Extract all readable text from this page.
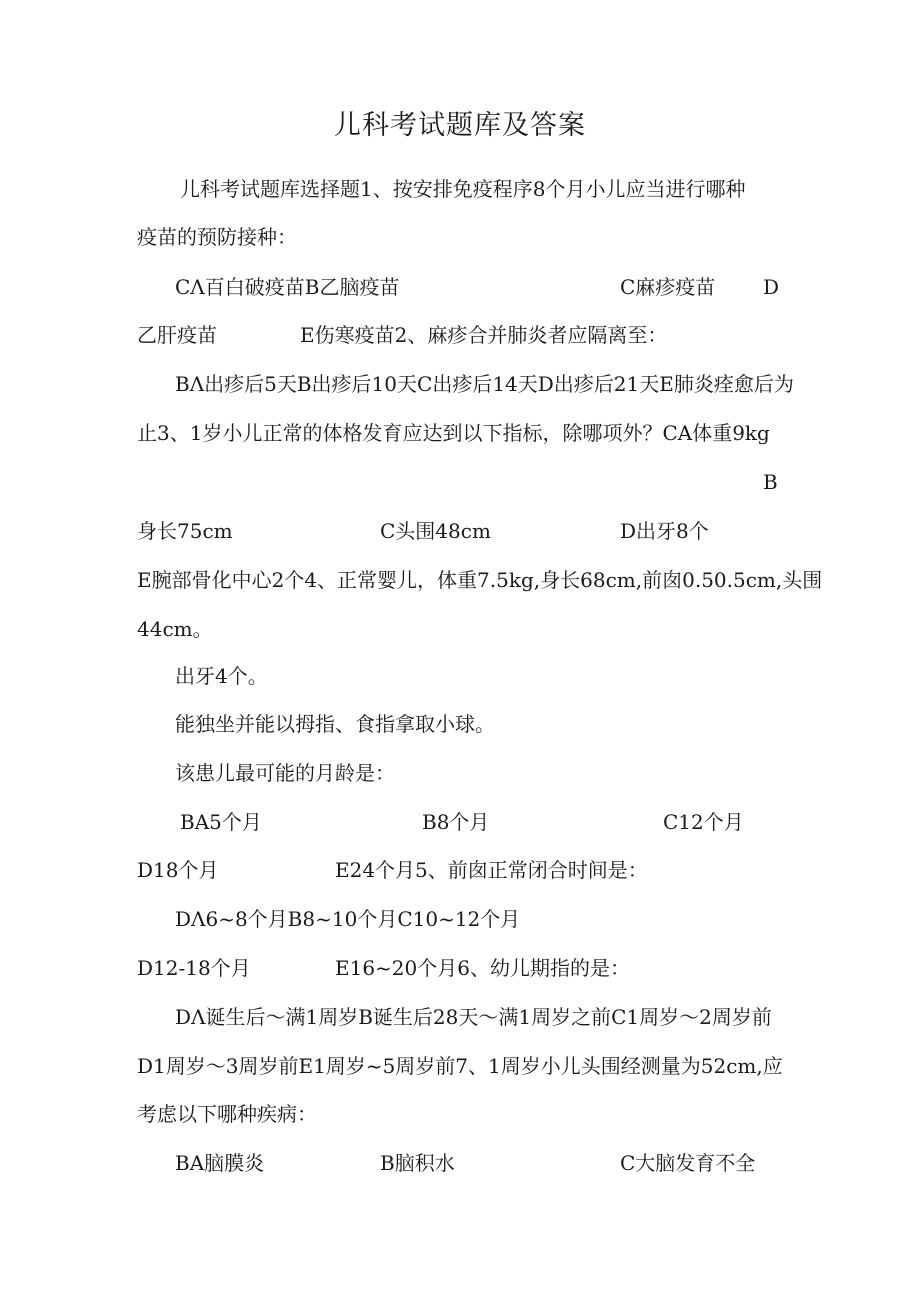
儿科考试题库及答案
儿科考试题库选择题1、按安排免疫程序8个月小儿应当进行哪种
疫苗的预防接种：
CΛ百白破疫苗B乙脑疫苗	C麻疹疫苗 D
乙肝疫苗	E伤寒疫苗2、麻疹合并肺炎者应隔离至：
BΛ出疹后5天B出疹后10天C出疹后14天D出疹后21天E肺炎痊愈后为
止3、1岁小儿正常的体格发育应达到以下指标，除哪项外？CA体重9kg
B
身长75cm	C头围48cm	D出牙8个
E腕部骨化中心2个4、正常婴儿，体重7.5kg,身长68cm,前囱0.50.5cm,头围
44cm。
出牙4个。
能独坐并能以拇指、食指拿取小球。
该患儿最可能的月龄是：
BA5个月	B8个月	C12个月
D18个月	E24个月5、前囱正常闭合时间是：
DΛ6~8个月B8~10个月C10~12个月
D12-18个月	E16~20个月6、幼儿期指的是：
DΛ诞生后～满1周岁B诞生后28天～满1周岁之前C1周岁～2周岁前
D1周岁～3周岁前E1周岁~5周岁前7、1周岁小儿头围经测量为52cm,应
考虑以下哪种疾病：
BA脑膜炎	B脑积水	C大脑发育不全
